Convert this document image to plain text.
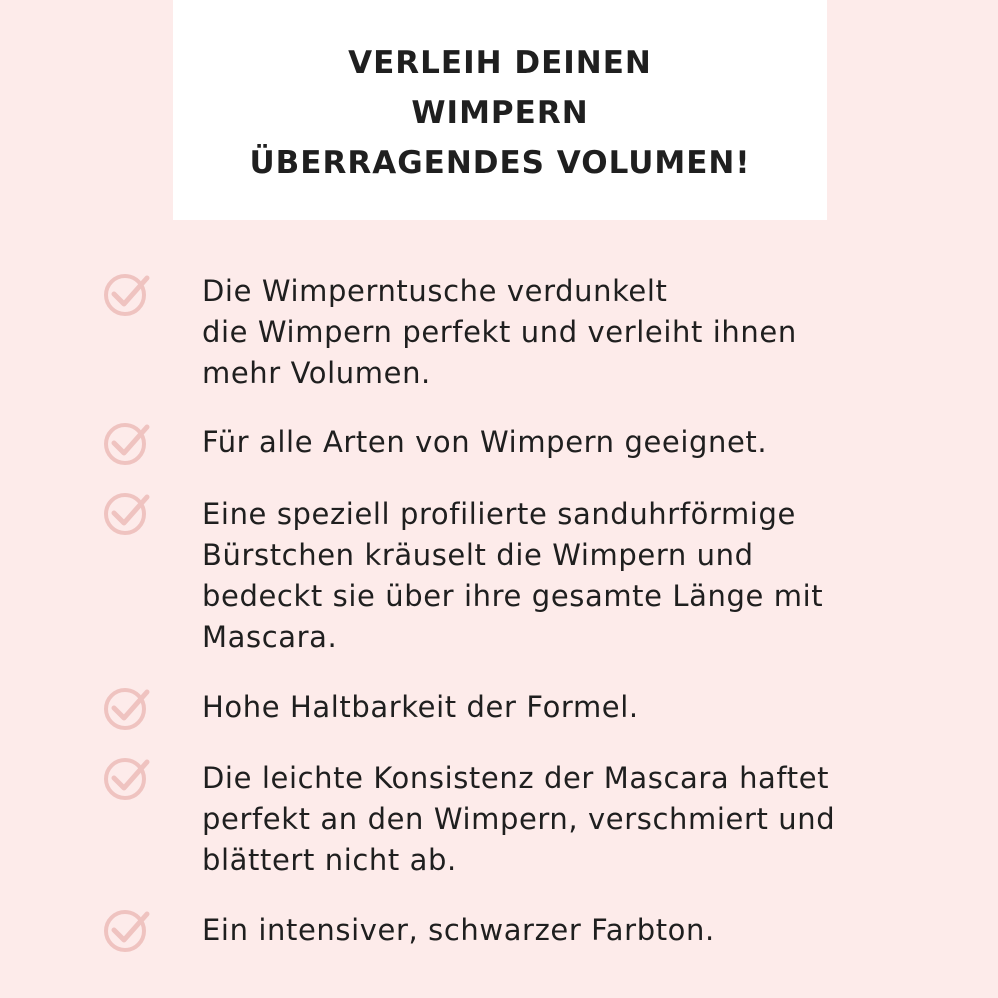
VERLEIH DEINEN
WIMPERN
ÜBERRAGENDES VOLUMEN!

Die Wimperntusche verdunkelt
die Wimpern perfekt und verleiht ihnen
mehr Volumen.

Für alle Arten von Wimpern geeignet.

Eine speziell profilierte sanduhrförmige
Bürstchen kräuselt die Wimpern und
bedeckt sie über ihre gesamte Länge mit
Mascara.

Hohe Haltbarkeit der Formel.

Die leichte Konsistenz der Mascara haftet
perfekt an den Wimpern, verschmiert und
blättert nicht ab.

Ein intensiver, schwarzer Farbton.
